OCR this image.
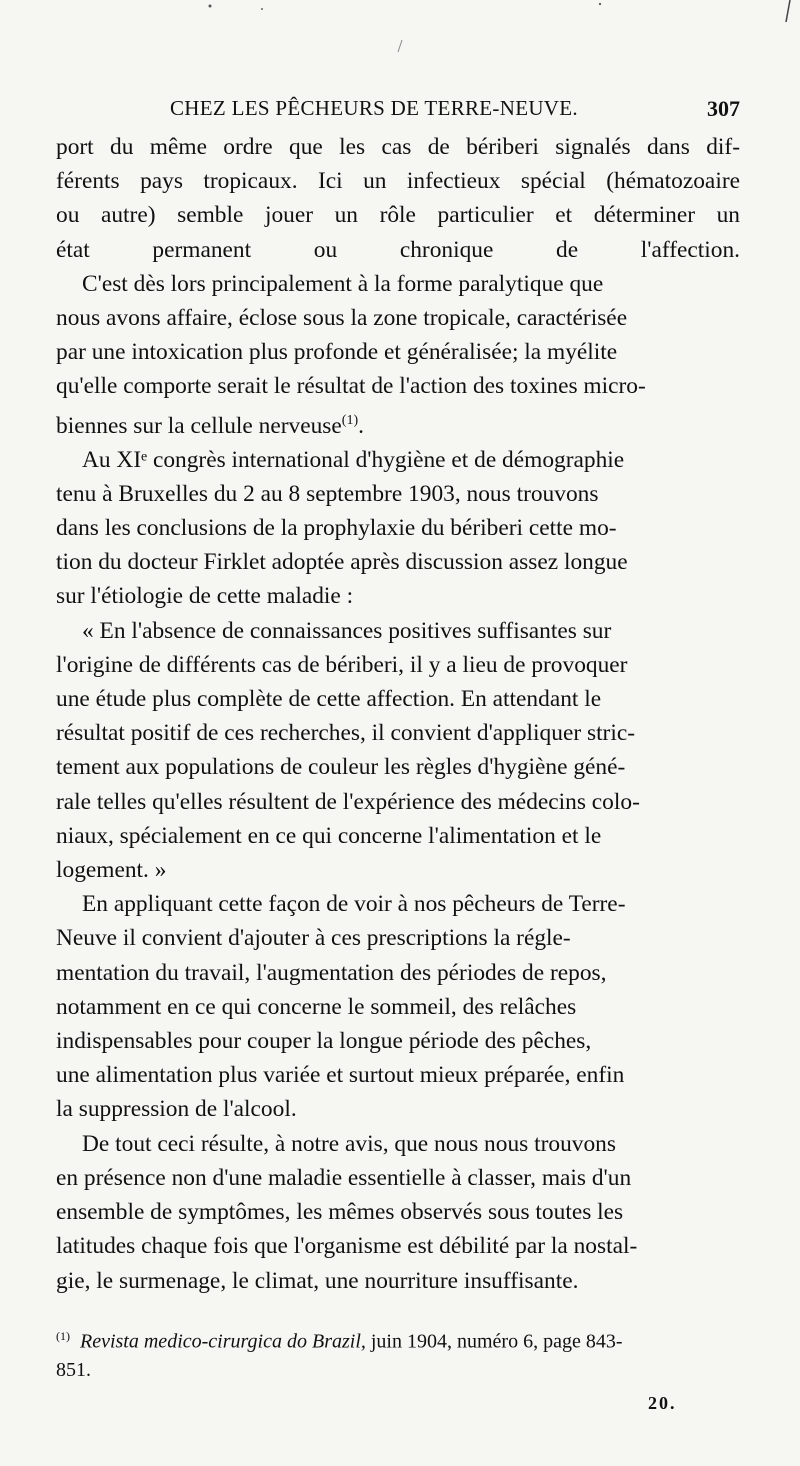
CHEZ LES PÊCHEURS DE TERRE-NEUVE.	307

port du même ordre que les cas de bériberi signalés dans dif-
férents pays tropicaux. Ici un infectieux spécial (hématozoaire
ou autre) semble jouer un rôle particulier et déterminer un
état permanent ou chronique de l'affection.

C'est dès lors principalement à la forme paralytique que
nous avons affaire, éclose sous la zone tropicale, caractérisée
par une intoxication plus profonde et généralisée; la myélite
qu'elle comporte serait le résultat de l'action des toxines micro-
biennes sur la cellule nerveuse$^{(1)}$.

Au XIᵉ congrès international d'hygiène et de démographie
tenu à Bruxelles du 2 au 8 septembre 1903, nous trouvons
dans les conclusions de la prophylaxie du bériberi cette mo-
tion du docteur Firklet adoptée après discussion assez longue
sur l'étiologie de cette maladie :

« En l'absence de connaissances positives suffisantes sur
l'origine de différents cas de bériberi, il y a lieu de provoquer
une étude plus complète de cette affection. En attendant le
résultat positif de ces recherches, il convient d'appliquer stric-
tement aux populations de couleur les règles d'hygiène géné-
rale telles qu'elles résultent de l'expérience des médecins colo-
niaux, spécialement en ce qui concerne l'alimentation et le
logement. »

En appliquant cette façon de voir à nos pêcheurs de Terre-
Neuve il convient d'ajouter à ces prescriptions la régle-
mentation du travail, l'augmentation des périodes de repos,
notamment en ce qui concerne le sommeil, des relâches
indispensables pour couper la longue période des pêches,
une alimentation plus variée et surtout mieux préparée, enfin
la suppression de l'alcool.

De tout ceci résulte, à notre avis, que nous nous trouvons
en présence non d'une maladie essentielle à classer, mais d'un
ensemble de symptômes, les mêmes observés sous toutes les
latitudes chaque fois que l'organisme est débilité par la nostal-
gie, le surmenage, le climat, une nourriture insuffisante.

$^{(1)}$ Revista medico-cirurgica do Brazil, juin 1904, numéro 6, page 843-
851.
20.
